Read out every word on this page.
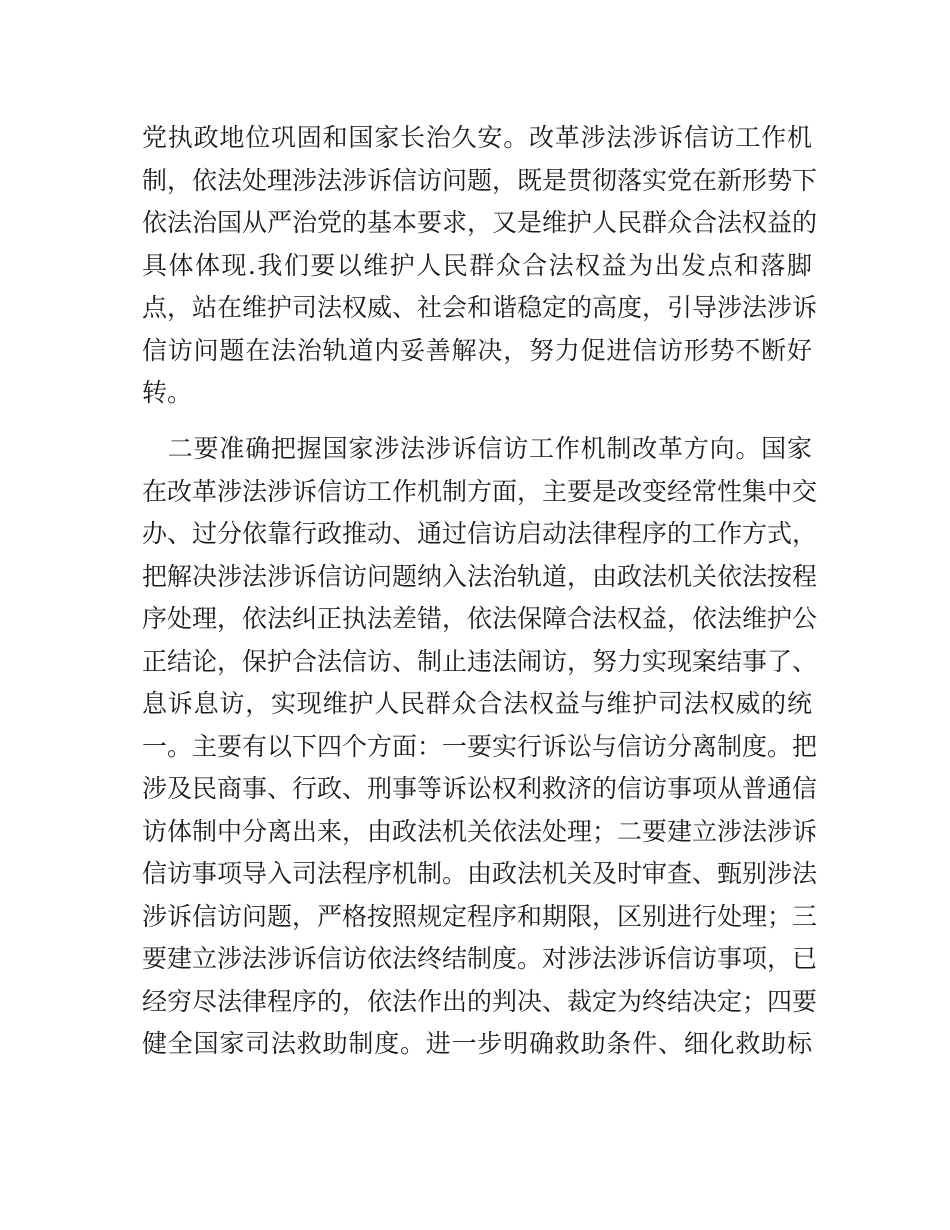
党执政地位巩固和国家长治久安。改革涉法涉诉信访工作机
制，依法处理涉法涉诉信访问题，既是贯彻落实党在新形势下
依法治国从严治党的基本要求，又是维护人民群众合法权益的
具体体现.我们要以维护人民群众合法权益为出发点和落脚
点，站在维护司法权威、社会和谐稳定的高度，引导涉法涉诉
信访问题在法治轨道内妥善解决，努力促进信访形势不断好
转。
　二要准确把握国家涉法涉诉信访工作机制改革方向。国家
在改革涉法涉诉信访工作机制方面，主要是改变经常性集中交
办、过分依靠行政推动、通过信访启动法律程序的工作方式，
把解决涉法涉诉信访问题纳入法治轨道，由政法机关依法按程
序处理，依法纠正执法差错，依法保障合法权益，依法维护公
正结论，保护合法信访、制止违法闹访，努力实现案结事了、
息诉息访，实现维护人民群众合法权益与维护司法权威的统
一。主要有以下四个方面：一要实行诉讼与信访分离制度。把
涉及民商事、行政、刑事等诉讼权利救济的信访事项从普通信
访体制中分离出来，由政法机关依法处理；二要建立涉法涉诉
信访事项导入司法程序机制。由政法机关及时审查、甄别涉法
涉诉信访问题，严格按照规定程序和期限，区别进行处理；三
要建立涉法涉诉信访依法终结制度。对涉法涉诉信访事项，已
经穷尽法律程序的，依法作出的判决、裁定为终结决定；四要
健全国家司法救助制度。进一步明确救助条件、细化救助标
